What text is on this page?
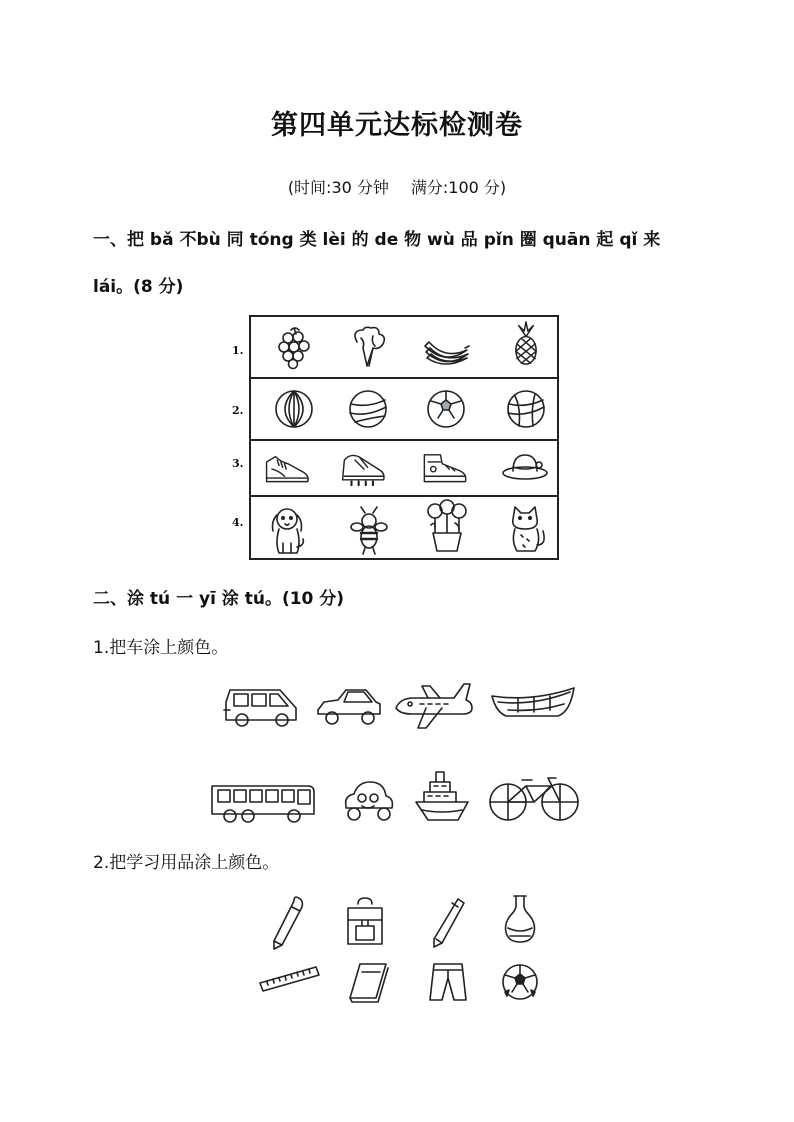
第四单元达标检测卷
(时间:30 分钟 满分:100 分)
一、把 bǎ 不bù 同 tóng 类 lèi 的 de 物 wù 品 pǐn 圈 quān 起 qǐ 来
lái。(8 分)
1.
2.
3.
4.
二、涂 tú 一 yī 涂 tú。(10 分)
1.把车涂上颜色。
2.把学习用品涂上颜色。
